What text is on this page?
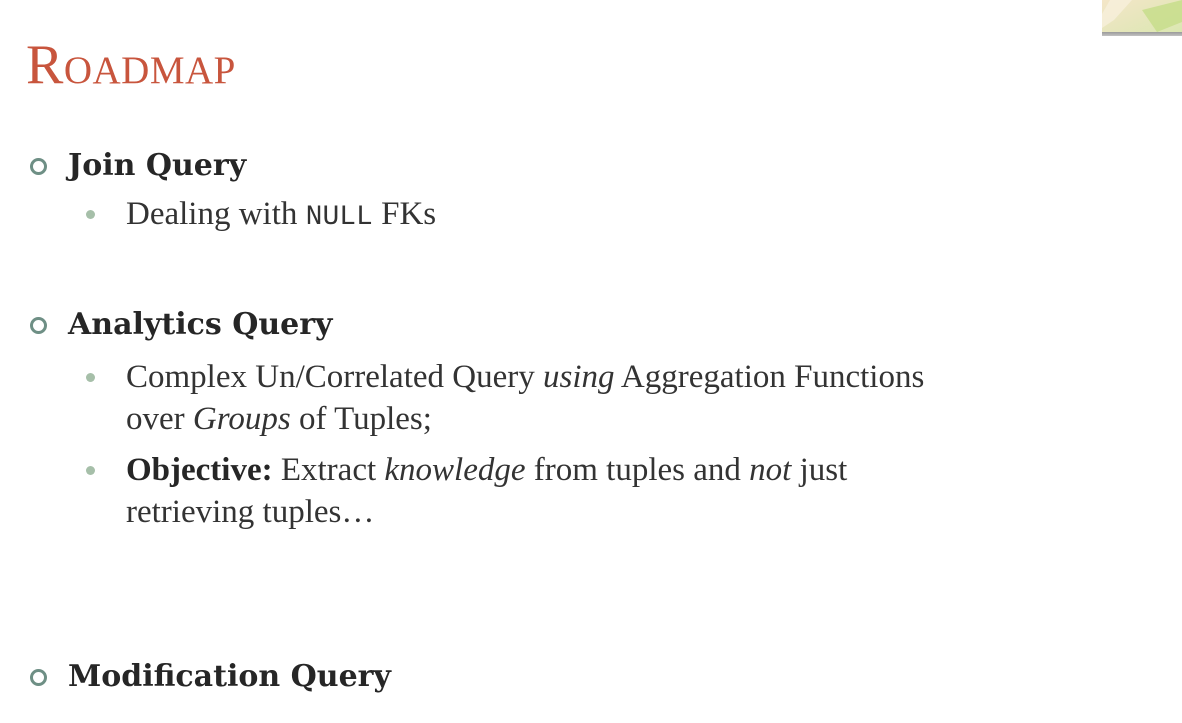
Roadmap
Join Query
Dealing with NULL FKs
Analytics Query
Complex Un/Correlated Query using Aggregation Functions
over Groups of Tuples;
Objective: Extract knowledge from tuples and not just
retrieving tuples…
Modification Query
